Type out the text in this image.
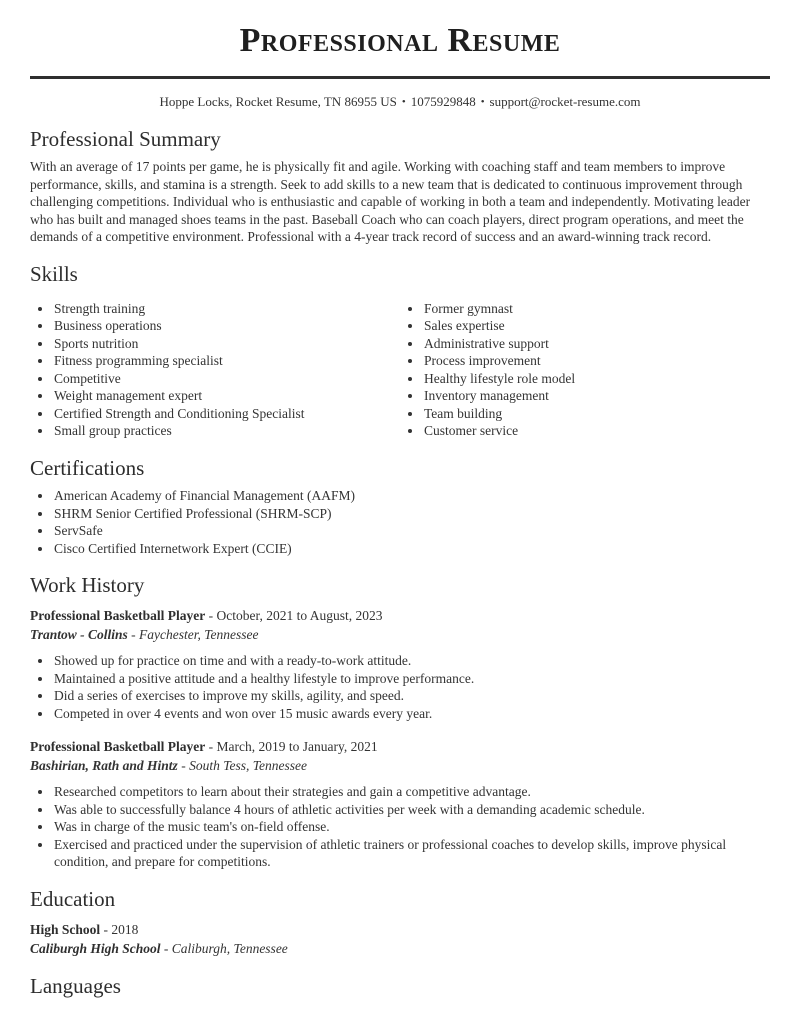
Professional Resume

Hoppe Locks, Rocket Resume, TN 86955 US • 1075929848 • support@rocket-resume.com

Professional Summary

With an average of 17 points per game, he is physically fit and agile. Working with coaching staff and team members to improve performance, skills, and stamina is a strength. Seek to add skills to a new team that is dedicated to continuous improvement through challenging competitions. Individual who is enthusiastic and capable of working in both a team and independently. Motivating leader who has built and managed shoes teams in the past. Baseball Coach who can coach players, direct program operations, and meet the demands of a competitive environment. Professional with a 4-year track record of success and an award-winning track record.

Skills
• Strength training
• Business operations
• Sports nutrition
• Fitness programming specialist
• Competitive
• Weight management expert
• Certified Strength and Conditioning Specialist
• Small group practices
• Former gymnast
• Sales expertise
• Administrative support
• Process improvement
• Healthy lifestyle role model
• Inventory management
• Team building
• Customer service
Certifications
• American Academy of Financial Management (AAFM)
• SHRM Senior Certified Professional (SHRM-SCP)
• ServSafe
• Cisco Certified Internetwork Expert (CCIE)
Work History

Professional Basketball Player - October, 2021 to August, 2023

Trantow - Collins - Faychester, Tennessee

• Showed up for practice on time and with a ready-to-work attitude.
• Maintained a positive attitude and a healthy lifestyle to improve performance.
• Did a series of exercises to improve my skills, agility, and speed.
• Competed in over 4 events and won over 15 music awards every year.

Professional Basketball Player - March, 2019 to January, 2021

Bashirian, Rath and Hintz - South Tess, Tennessee

• Researched competitors to learn about their strategies and gain a competitive advantage.
• Was able to successfully balance 4 hours of athletic activities per week with a demanding academic schedule.
• Was in charge of the music team's on-field offense.
• Exercised and practiced under the supervision of athletic trainers or professional coaches to develop skills, improve physical condition, and prepare for competitions.
Education

High School - 2018

Caliburgh High School - Caliburgh, Tennessee

Languages
